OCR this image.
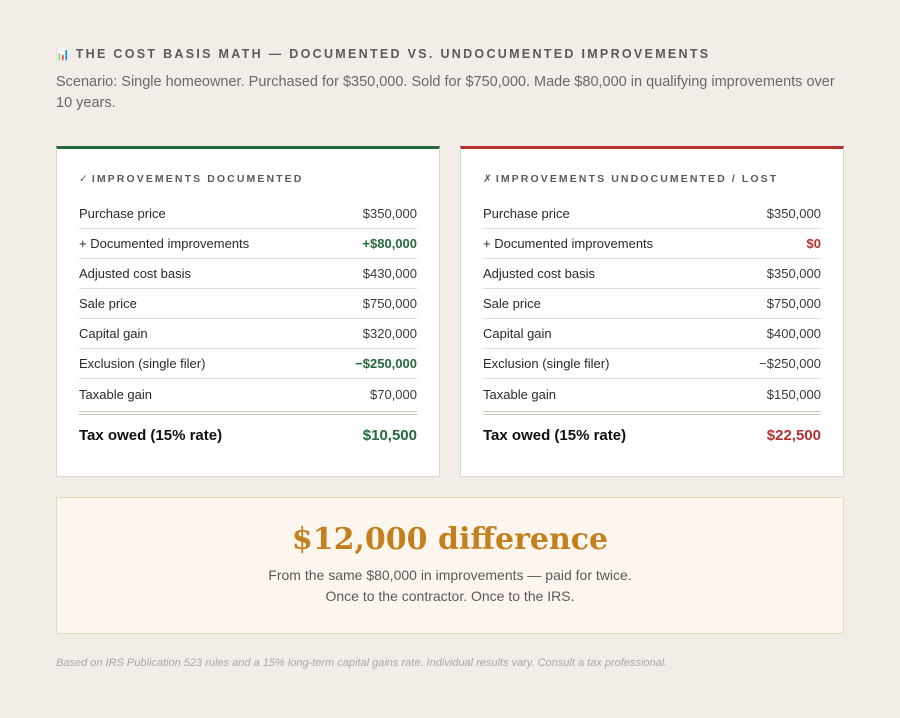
📊 THE COST BASIS MATH — DOCUMENTED VS. UNDOCUMENTED IMPROVEMENTS
Scenario: Single homeowner. Purchased for $350,000. Sold for $750,000. Made $80,000 in qualifying improvements over 10 years.
✓ IMPROVEMENTS DOCUMENTED
Purchase price	$350,000
+ Documented improvements	+$80,000
Adjusted cost basis	$430,000
Sale price	$750,000
Capital gain	$320,000
Exclusion (single filer)	−$250,000
Taxable gain	$70,000
Tax owed (15% rate)	$10,500
✗ IMPROVEMENTS UNDOCUMENTED / LOST
Purchase price	$350,000
+ Documented improvements	$0
Adjusted cost basis	$350,000
Sale price	$750,000
Capital gain	$400,000
Exclusion (single filer)	−$250,000
Taxable gain	$150,000
Tax owed (15% rate)	$22,500
$12,000 difference
From the same $80,000 in improvements — paid for twice.
Once to the contractor. Once to the IRS.
Based on IRS Publication 523 rules and a 15% long-term capital gains rate. Individual results vary. Consult a tax professional.
